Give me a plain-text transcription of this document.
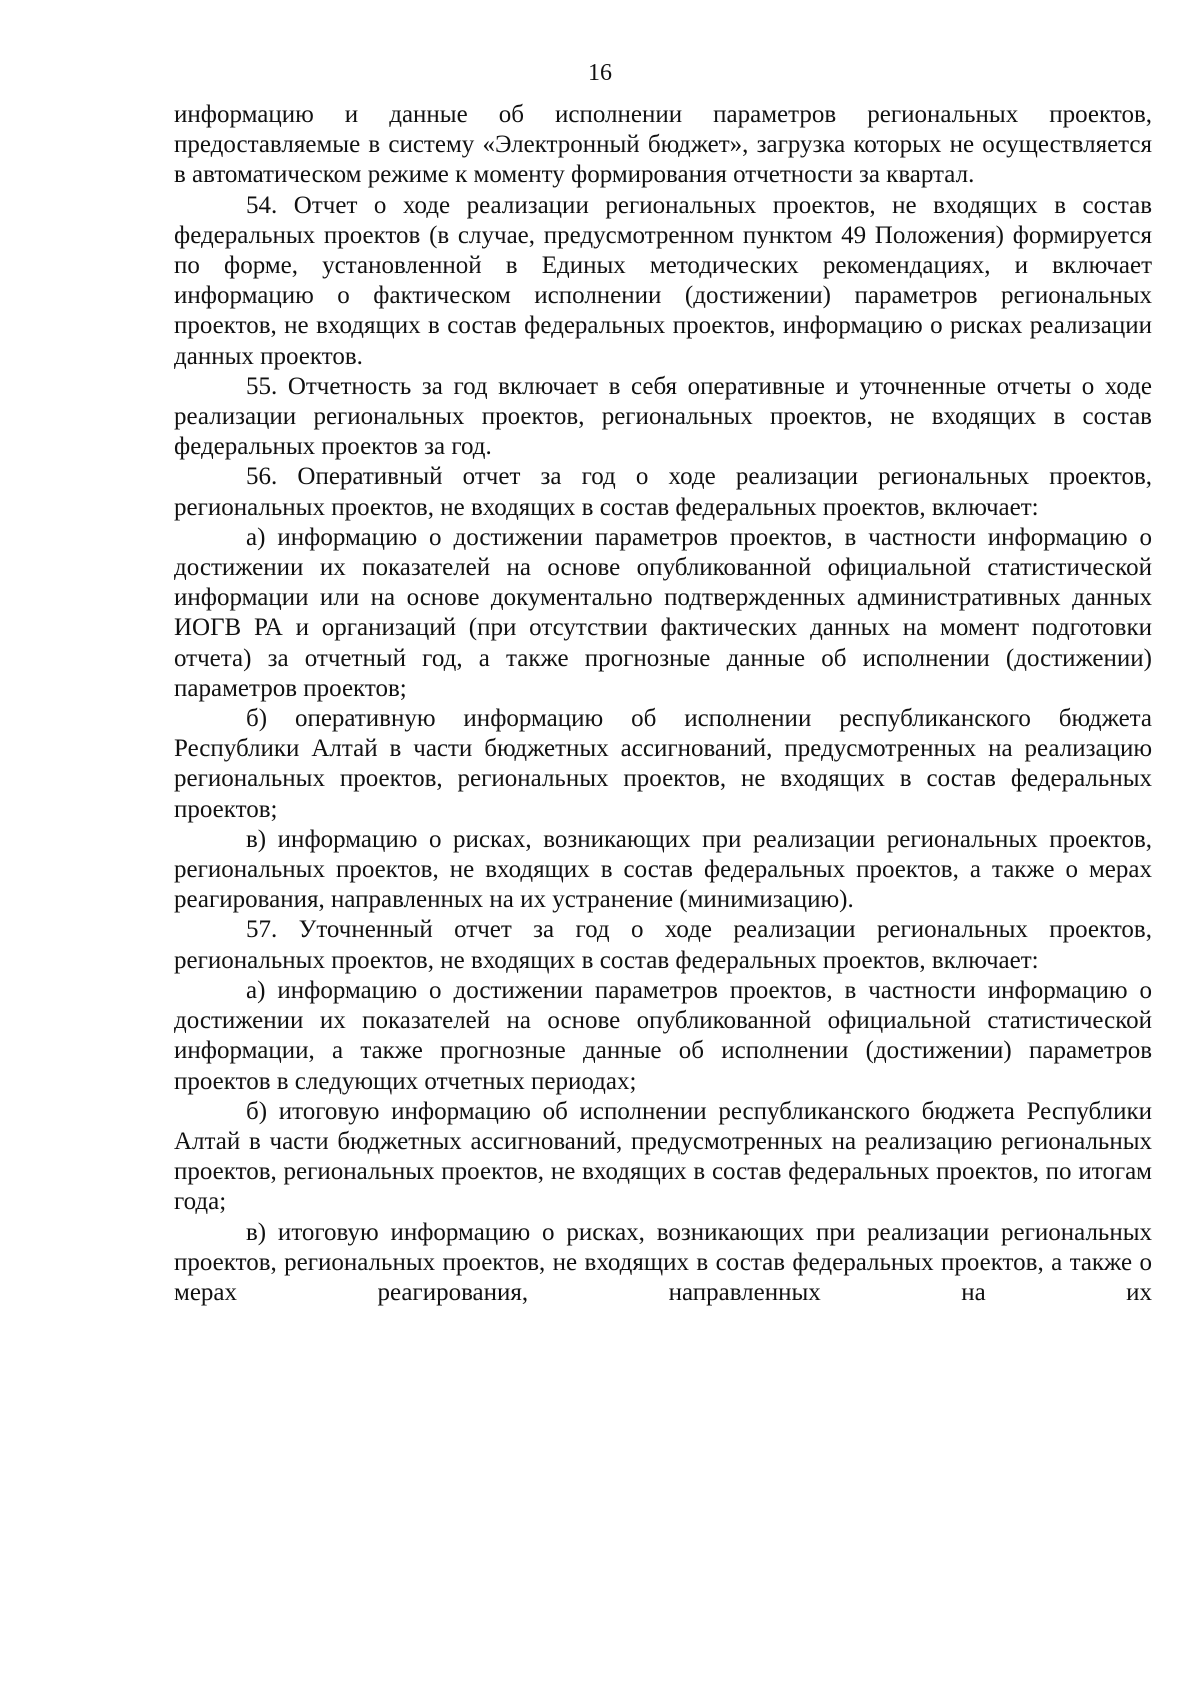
16

информацию и данные об исполнении параметров региональных проектов, предоставляемые в систему «Электронный бюджет», загрузка которых не осуществляется в автоматическом режиме к моменту формирования отчетности за квартал.

54. Отчет о ходе реализации региональных проектов, не входящих в состав федеральных проектов (в случае, предусмотренном пунктом 49 Положения) формируется по форме, установленной в Единых методических рекомендациях, и включает информацию о фактическом исполнении (достижении) параметров региональных проектов, не входящих в состав федеральных проектов, информацию о рисках реализации данных проектов.

55. Отчетность за год включает в себя оперативные и уточненные отчеты о ходе реализации региональных проектов, региональных проектов, не входящих в состав федеральных проектов за год.

56. Оперативный отчет за год о ходе реализации региональных проектов, региональных проектов, не входящих в состав федеральных проектов, включает:

а) информацию о достижении параметров проектов, в частности информацию о достижении их показателей на основе опубликованной официальной статистической информации или на основе документально подтвержденных административных данных ИОГВ РА и организаций (при отсутствии фактических данных на момент подготовки отчета) за отчетный год, а также прогнозные данные об исполнении (достижении) параметров проектов;

б) оперативную информацию об исполнении республиканского бюджета Республики Алтай в части бюджетных ассигнований, предусмотренных на реализацию региональных проектов, региональных проектов, не входящих в состав федеральных проектов;

в) информацию о рисках, возникающих при реализации региональных проектов, региональных проектов, не входящих в состав федеральных проектов, а также о мерах реагирования, направленных на их устранение (минимизацию).

57. Уточненный отчет за год о ходе реализации региональных проектов, региональных проектов, не входящих в состав федеральных проектов, включает:

а) информацию о достижении параметров проектов, в частности информацию о достижении их показателей на основе опубликованной официальной статистической информации, а также прогнозные данные об исполнении (достижении) параметров проектов в следующих отчетных периодах;

б) итоговую информацию об исполнении республиканского бюджета Республики Алтай в части бюджетных ассигнований, предусмотренных на реализацию региональных проектов, региональных проектов, не входящих в состав федеральных проектов, по итогам года;

в) итоговую информацию о рисках, возникающих при реализации региональных проектов, региональных проектов, не входящих в состав федеральных проектов, а также о мерах реагирования, направленных на их
